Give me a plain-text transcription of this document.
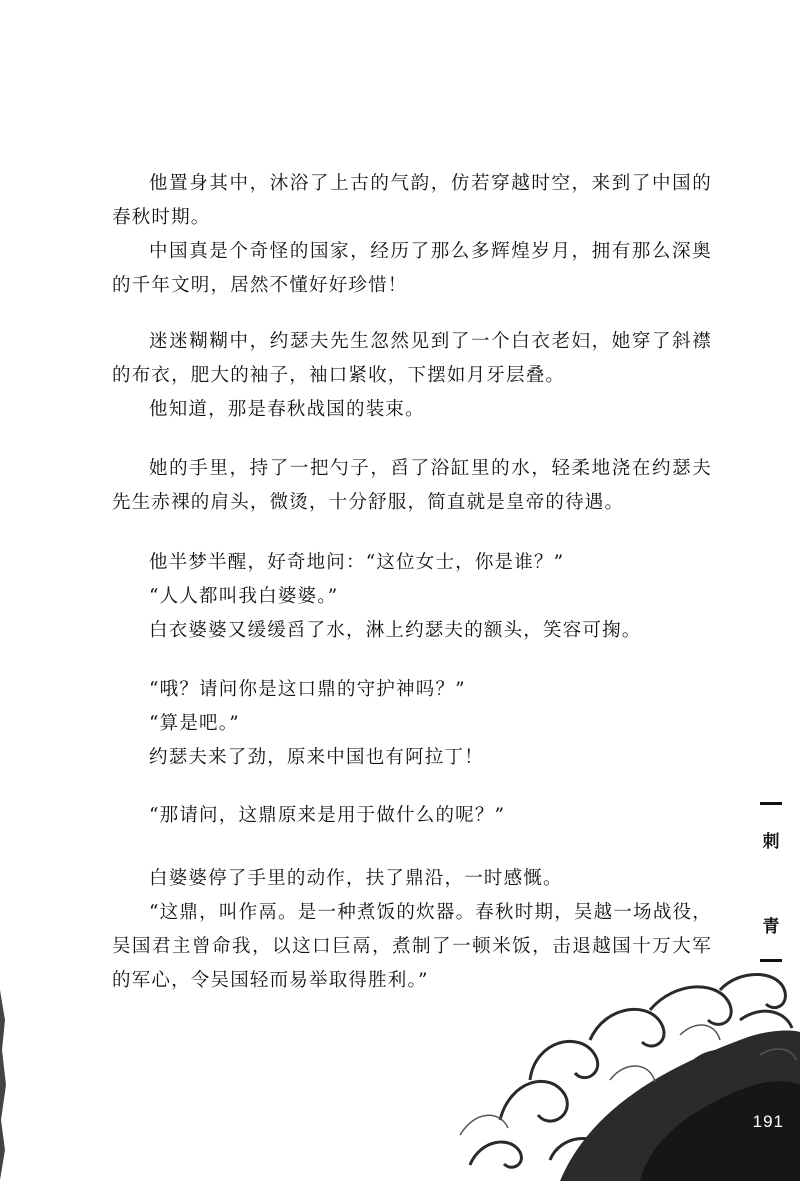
他置身其中，沐浴了上古的气韵，仿若穿越时空，来到了中国的春秋时期。

中国真是个奇怪的国家，经历了那么多辉煌岁月，拥有那么深奥的千年文明，居然不懂好好珍惜！

迷迷糊糊中，约瑟夫先生忽然见到了一个白衣老妇，她穿了斜襟的布衣，肥大的袖子，袖口紧收，下摆如月牙层叠。

他知道，那是春秋战国的装束。

她的手里，持了一把勺子，舀了浴缸里的水，轻柔地浇在约瑟夫先生赤裸的肩头，微烫，十分舒服，简直就是皇帝的待遇。

他半梦半醒，好奇地问：“这位女士，你是谁？”

“人人都叫我白婆婆。”

白衣婆婆又缓缓舀了水，淋上约瑟夫的额头，笑容可掬。

“哦？请问你是这口鼎的守护神吗？”

“算是吧。”

约瑟夫来了劲，原来中国也有阿拉丁！

“那请问，这鼎原来是用于做什么的呢？”

白婆婆停了手里的动作，扶了鼎沿，一时感慨。

“这鼎，叫作鬲。是一种煮饭的炊器。春秋时期，吴越一场战役，吴国君主曾命我，以这口巨鬲，煮制了一顿米饭，击退越国十万大军的军心，令吴国轻而易举取得胜利。”

刺
青
191
